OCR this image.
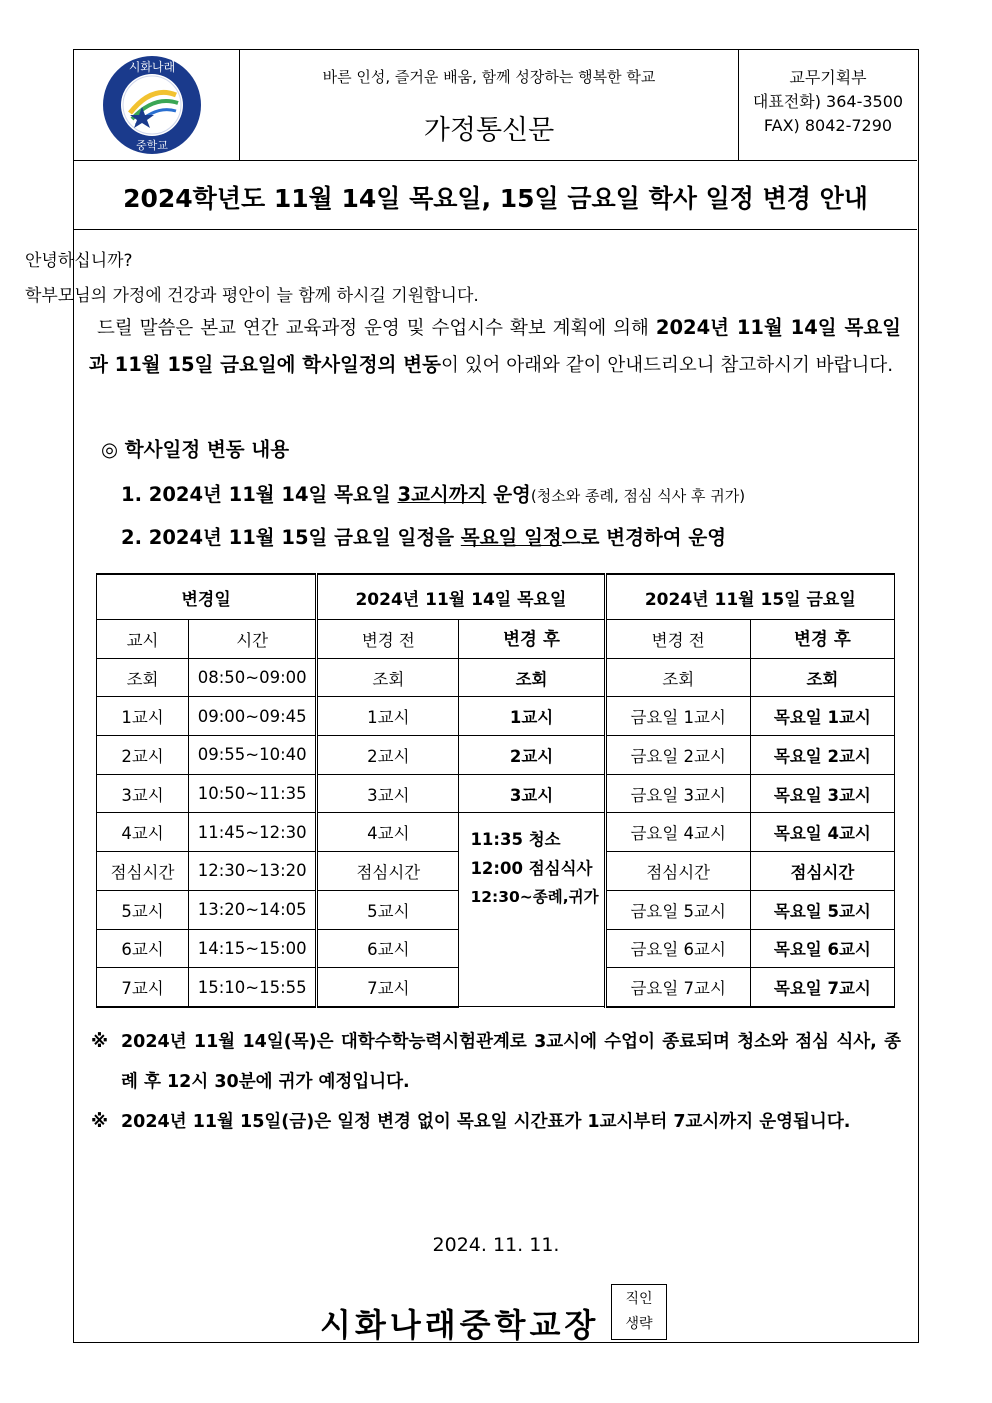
시화나래
중학교
바른 인성, 즐거운 배움, 함께 성장하는 행복한 학교
가정통신문
교무기획부
대표전화) 364-3500
FAX) 8042-7290
2024학년도 11월 14일 목요일, 15일 금요일 학사 일정 변경 안내
안녕하십니까?
학부모님의 가정에 건강과 평안이 늘 함께 하시길 기원합니다.
드릴 말씀은 본교 연간 교육과정 운영 및 수업시수 확보 계획에 의해 2024년 11월 14일 목요일과 11월 15일 금요일에 학사일정의 변동이 있어 아래와 같이 안내드리오니 참고하시기 바랍니다.
◎ 학사일정 변동 내용
1. 2024년 11월 14일 목요일 3교시까지 운영(청소와 종례, 점심 식사 후 귀가)
2. 2024년 11월 15일 금요일 일정을 목요일 일정으로 변경하여 운영
변경일		2024년 11월 14일 목요일		2024년 11월 15일 금요일	
교시	시간	변경 전	변경 후	변경 전	변경 후
조회	08:50~09:00	조회	조회	조회	조회
1교시	09:00~09:45	1교시	1교시	금요일 1교시	목요일 1교시
2교시	09:55~10:40	2교시	2교시	금요일 2교시	목요일 2교시
3교시	10:50~11:35	3교시	3교시	금요일 3교시	목요일 3교시
4교시	11:45~12:30	4교시	11:35 청소
12:00 점심식사
12:30~종례,귀가	금요일 4교시	목요일 4교시
점심시간	12:30~13:20	점심시간		점심시간	점심시간
5교시	13:20~14:05	5교시		금요일 5교시	목요일 5교시
6교시	14:15~15:00	6교시		금요일 6교시	목요일 6교시
7교시	15:10~15:55	7교시		금요일 7교시	목요일 7교시
※ 2024년 11월 14일(목)은 대학수학능력시험관계로 3교시에 수업이 종료되며 청소와 점심 식사, 종례 후 12시 30분에 귀가 예정입니다.
※ 2024년 11월 15일(금)은 일정 변경 없이 목요일 시간표가 1교시부터 7교시까지 운영됩니다.
2024. 11. 11.
시화나래중학교장
직인
생략
